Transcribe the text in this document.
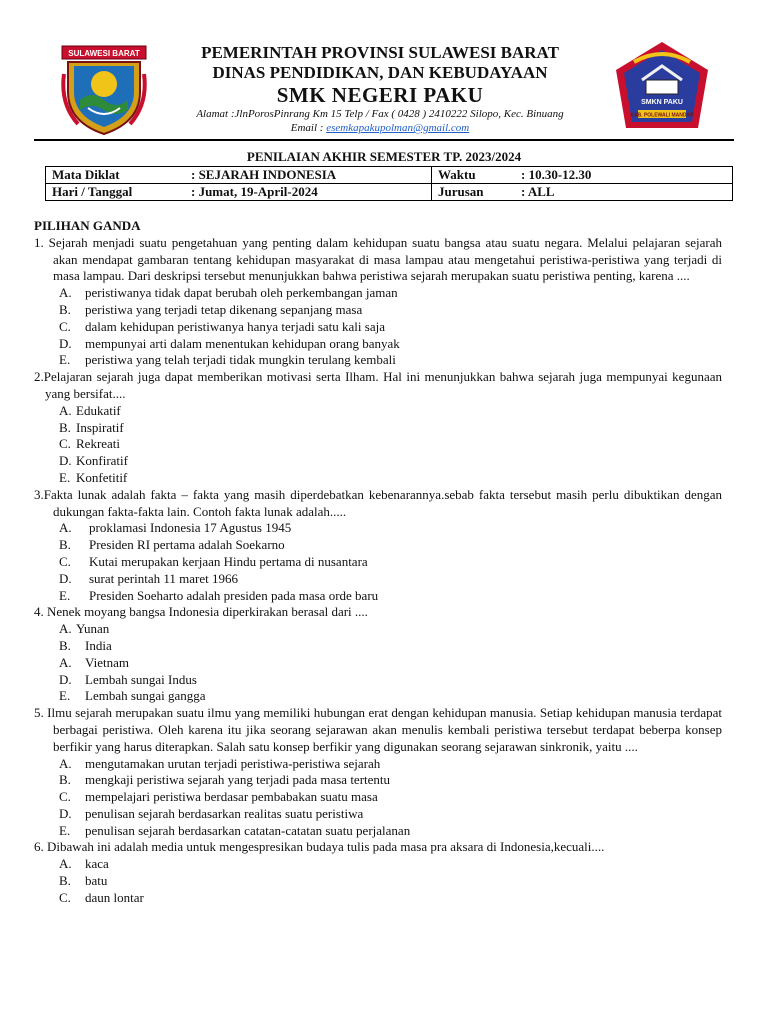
SULAWESI BARAT	PEMERINTAH PROVINSI SULAWESI BARAT
DINAS PENDIDIKAN, DAN KEBUDAYAAN
SMK NEGERI PAKU
Alamat :JlnPorosPinrang Km 15 Telp / Fax ( 0428 ) 2410222 Silopo, Kec. Binuang
Email : esemkapakupolman@gmail.com
SMKN PAKU
KAB. POLEWALI MANDAR
PENILAIAN AKHIR SEMESTER TP. 2023/2024
Mata Diklat	: SEJARAH INDONESIA	Waktu	: 10.30-12.30
Hari / Tanggal	: Jumat, 19-April-2024	Jurusan	: ALL
PILIHAN GANDA
1. Sejarah menjadi suatu pengetahuan yang penting dalam kehidupan suatu bangsa atau suatu negara. Melalui pelajaran sejarah akan mendapat gambaran tentang kehidupan masyarakat di masa lampau atau mengetahui peristiwa-peristiwa yang terjadi di masa lampau. Dari deskripsi tersebut menunjukkan bahwa peristiwa sejarah merupakan suatu peristiwa penting, karena ....
A.	peristiwanya tidak dapat berubah oleh perkembangan jaman
B.	peristiwa yang terjadi tetap dikenang sepanjang masa
C.	dalam kehidupan peristiwanya hanya terjadi satu kali saja
D.	mempunyai arti dalam menentukan kehidupan orang banyak
E.	peristiwa yang telah terjadi tidak mungkin terulang kembali
2.Pelajaran sejarah juga dapat memberikan motivasi serta Ilham. Hal ini menunjukkan bahwa sejarah juga mempunyai kegunaan yang bersifat....
A. Edukatif
B. Inspiratif
C. Rekreati
D. Konfiratif
E. Konfetitif
3.Fakta lunak adalah fakta – fakta yang masih diperdebatkan kebenarannya.sebab fakta tersebut masih perlu dibuktikan dengan dukungan fakta-fakta lain. Contoh fakta lunak adalah.....
A.	proklamasi Indonesia 17 Agustus 1945
B.	Presiden RI pertama adalah Soekarno
C.	Kutai merupakan kerjaan Hindu pertama di nusantara
D.	surat perintah 11 maret 1966
E.	Presiden Soeharto adalah presiden pada masa orde baru
4. Nenek moyang bangsa Indonesia diperkirakan berasal dari ....
A. Yunan
B.	India
A.	Vietnam
D.	Lembah sungai Indus
E.	Lembah sungai gangga
5. Ilmu sejarah merupakan suatu ilmu yang memiliki hubungan erat dengan kehidupan manusia. Setiap kehidupan manusia terdapat berbagai peristiwa. Oleh karena itu jika seorang sejarawan akan menulis kembali peristiwa tersebut terdapat beberpa konsep berfikir yang harus diterapkan. Salah satu konsep berfikir yang digunakan seorang sejarawan sinkronik, yaitu ....
A.	mengutamakan urutan terjadi peristiwa-peristiwa sejarah
B.	mengkaji peristiwa sejarah yang terjadi pada masa tertentu
C.	mempelajari peristiwa berdasar pembabakan suatu masa
D.	penulisan sejarah berdasarkan realitas suatu peristiwa
E.	penulisan sejarah berdasarkan catatan-catatan suatu perjalanan
6. Dibawah ini adalah media untuk mengespresikan budaya tulis pada masa pra aksara di Indonesia,kecuali....
A.	kaca
B.	batu
C.	daun lontar
